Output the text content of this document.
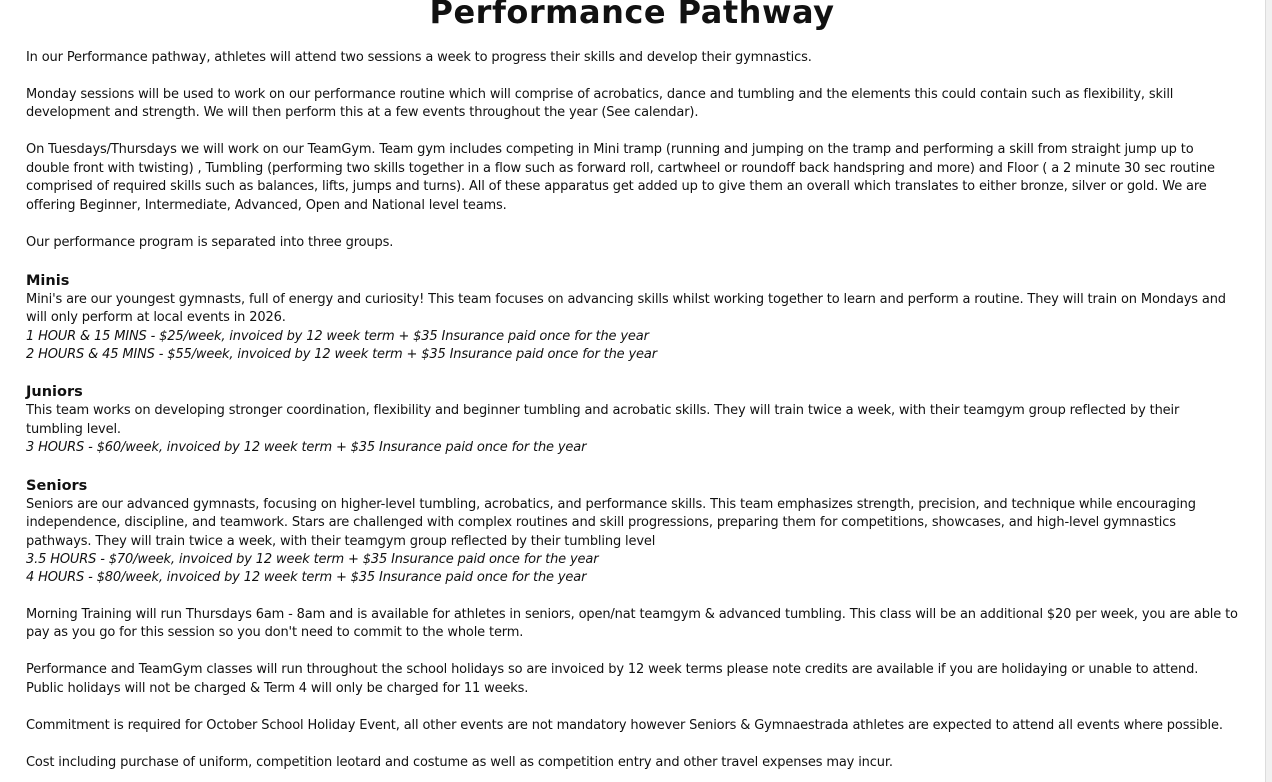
Performance Pathway

In our Performance pathway, athletes will attend two sessions a week to progress their skills and develop their gymnastics.

Monday sessions will be used to work on our performance routine which will comprise of acrobatics, dance and tumbling and the elements this could contain such as flexibility, skill development and strength. We will then perform this at a few events throughout the year (See calendar).

On Tuesdays/Thursdays we will work on our TeamGym. Team gym includes competing in Mini tramp (running and jumping on the tramp and performing a skill from straight jump up to double front with twisting) , Tumbling (performing two skills together in a flow such as forward roll, cartwheel or roundoff back handspring and more) and Floor ( a 2 minute 30 sec routine comprised of required skills such as balances, lifts, jumps and turns). All of these apparatus get added up to give them an overall which translates to either bronze, silver or gold. We are offering Beginner, Intermediate, Advanced, Open and National level teams.

Our performance program is separated into three groups.

Minis

Mini's are our youngest gymnasts, full of energy and curiosity! This team focuses on advancing skills whilst working together to learn and perform a routine. They will train on Mondays and will only perform at local events in 2026.

1 HOUR & 15 MINS - $25/week, invoiced by 12 week term + $35 Insurance paid once for the year
2 HOURS & 45 MINS - $55/week, invoiced by 12 week term + $35 Insurance paid once for the year
Juniors

This team works on developing stronger coordination, flexibility and beginner tumbling and acrobatic skills. They will train twice a week, with their teamgym group reflected by their tumbling level.

3 HOURS - $60/week, invoiced by 12 week term + $35 Insurance paid once for the year
Seniors

Seniors are our advanced gymnasts, focusing on higher-level tumbling, acrobatics, and performance skills. This team emphasizes strength, precision, and technique while encouraging independence, discipline, and teamwork. Stars are challenged with complex routines and skill progressions, preparing them for competitions, showcases, and high-level gymnastics pathways. They will train twice a week, with their teamgym group reflected by their tumbling level

3.5 HOURS - $70/week, invoiced by 12 week term + $35 Insurance paid once for the year
4 HOURS - $80/week, invoiced by 12 week term + $35 Insurance paid once for the year

Morning Training will run Thursdays 6am - 8am and is available for athletes in seniors, open/nat teamgym & advanced tumbling. This class will be an additional $20 per week, you are able to pay as you go for this session so you don't need to commit to the whole term.

Performance and TeamGym classes will run throughout the school holidays so are invoiced by 12 week terms please note credits are available if you are holidaying or unable to attend. Public holidays will not be charged & Term 4 will only be charged for 11 weeks.

Commitment is required for October School Holiday Event, all other events are not mandatory however Seniors & Gymnaestrada athletes are expected to attend all events where possible.

Cost including purchase of uniform, competition leotard and costume as well as competition entry and other travel expenses may incur.
